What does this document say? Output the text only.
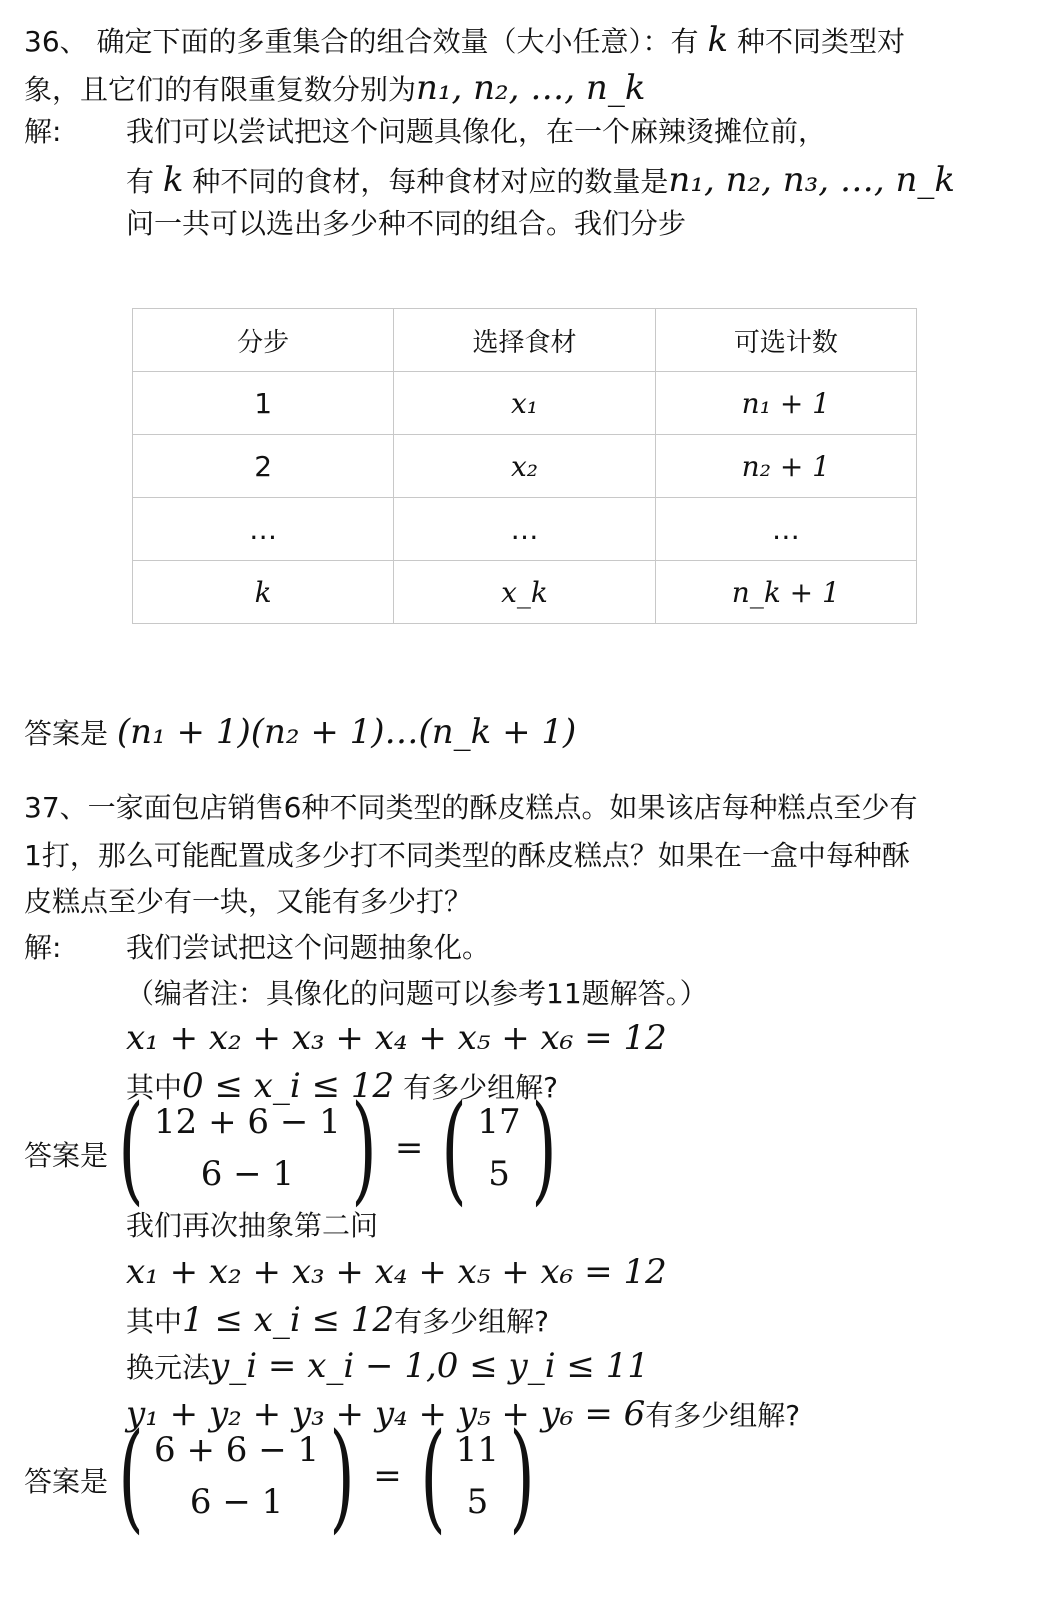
36、 确定下面的多重集合的组合效量（大小任意）：有 k 种不同类型对
象，且它们的有限重复数分别为n₁, n₂, …, n_k
解: 我们可以尝试把这个问题具像化，在一个麻辣烫摊位前，
有 k 种不同的食材，每种食材对应的数量是n₁, n₂, n₃, …, n_k
问一共可以选出多少种不同的组合。我们分步
分步	选择食材	可选计数
1	x₁	n₁ + 1
2	x₂	n₂ + 1
…	…	…
k	x_k	n_k + 1
答案是 (n₁ + 1)(n₂ + 1)…(n_k + 1)
37、一家面包店销售6种不同类型的酥皮糕点。如果该店每种糕点至少有
1打，那么可能配置成多少打不同类型的酥皮糕点？如果在一盒中每种酥
皮糕点至少有一块，又能有多少打？
解: 我们尝试把这个问题抽象化。
（编者注：具像化的问题可以参考11题解答。）
x₁ + x₂ + x₃ + x₄ + x₅ + x₆ = 12
其中0 ≤ x_i ≤ 12 有多少组解?
答案是 ( 12 + 6 − 1
6 − 1 ) = ( 17
5 )
我们再次抽象第二问
x₁ + x₂ + x₃ + x₄ + x₅ + x₆ = 12
其中1 ≤ x_i ≤ 12有多少组解?
换元法y_i = x_i − 1,0 ≤ y_i ≤ 11
y₁ + y₂ + y₃ + y₄ + y₅ + y₆ = 6有多少组解?
答案是 ( 6 + 6 − 1
6 − 1 ) = ( 11
5 )
